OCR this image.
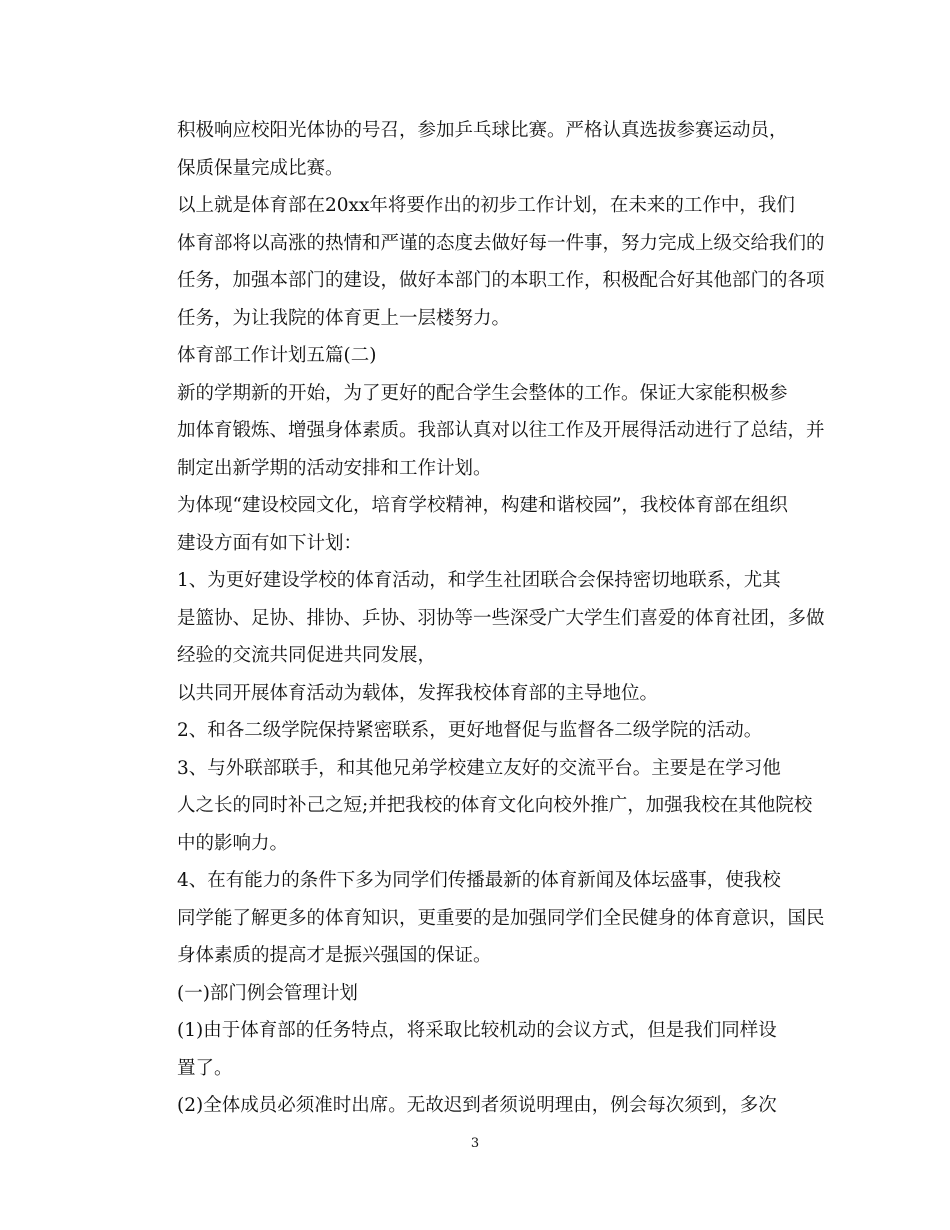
积极响应校阳光体协的号召，参加乒乓球比赛。严格认真选拔参赛运动员，
保质保量完成比赛。

以上就是体育部在20xx年将要作出的初步工作计划，在未来的工作中，我们
体育部将以高涨的热情和严谨的态度去做好每一件事，努力完成上级交给我们的
任务，加强本部门的建设，做好本部门的本职工作，积极配合好其他部门的各项
任务，为让我院的体育更上一层楼努力。

体育部工作计划五篇(二)

新的学期新的开始，为了更好的配合学生会整体的工作。保证大家能积极参
加体育锻炼、增强身体素质。我部认真对以往工作及开展得活动进行了总结，并
制定出新学期的活动安排和工作计划。

为体现“建设校园文化，培育学校精神，构建和谐校园”，我校体育部在组织
建设方面有如下计划：

1、为更好建设学校的体育活动，和学生社团联合会保持密切地联系，尤其
是篮协、足协、排协、乒协、羽协等一些深受广大学生们喜爱的体育社团，多做
经验的交流共同促进共同发展，

以共同开展体育活动为载体，发挥我校体育部的主导地位。

2、和各二级学院保持紧密联系，更好地督促与监督各二级学院的活动。

3、与外联部联手，和其他兄弟学校建立友好的交流平台。主要是在学习他
人之长的同时补己之短;并把我校的体育文化向校外推广，加强我校在其他院校
中的影响力。

4、在有能力的条件下多为同学们传播最新的体育新闻及体坛盛事，使我校
同学能了解更多的体育知识，更重要的是加强同学们全民健身的体育意识，国民
身体素质的提高才是振兴强国的保证。

(一)部门例会管理计划

(1)由于体育部的任务特点，将采取比较机动的会议方式，但是我们同样设
置了。

(2)全体成员必须准时出席。无故迟到者须说明理由，例会每次须到，多次

3
